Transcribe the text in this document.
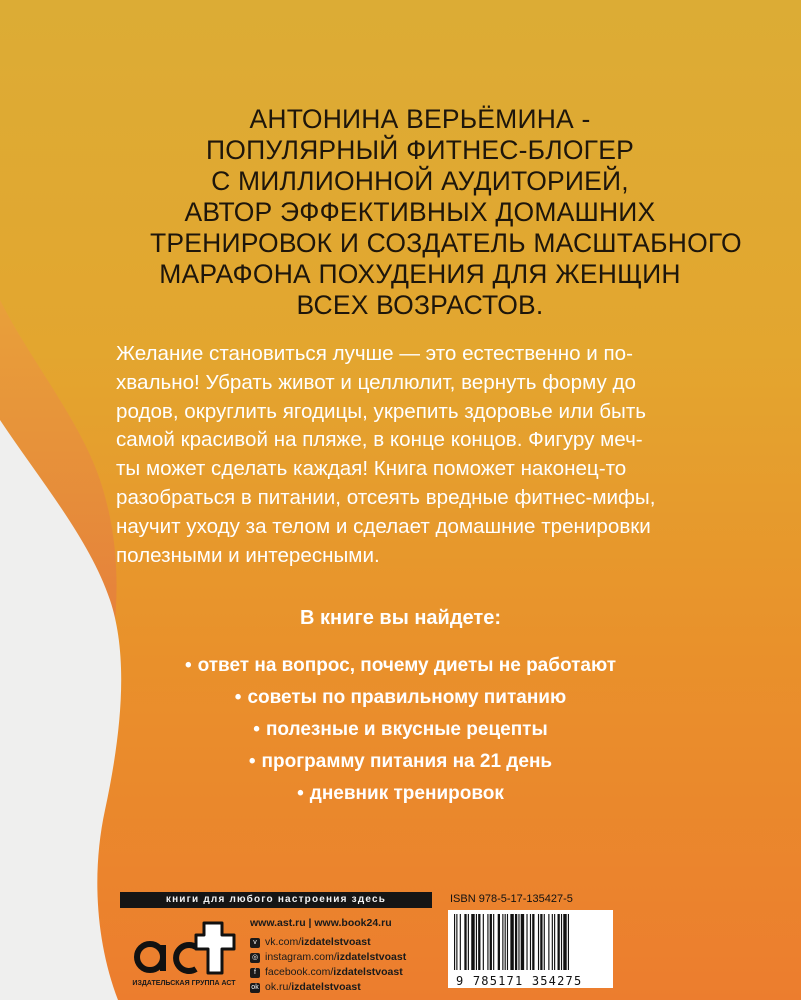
АНТОНИНА ВЕРЬЁМИНА -
ПОПУЛЯРНЫЙ ФИТНЕС-БЛОГЕР
С МИЛЛИОННОЙ АУДИТОРИЕЙ,
АВТОР ЭФФЕКТИВНЫХ ДОМАШНИХ
ТРЕНИРОВОК И СОЗДАТЕЛЬ МАСШТАБНОГО
МАРАФОНА ПОХУДЕНИЯ ДЛЯ ЖЕНЩИН
ВСЕХ ВОЗРАСТОВ.
Желание становиться лучше — это естественно и по-
хвально! Убрать живот и целлюлит, вернуть форму до
родов, округлить ягодицы, укрепить здоровье или быть
самой красивой на пляже, в конце концов. Фигуру меч-
ты может сделать каждая! Книга поможет наконец-то
разобраться в питании, отсеять вредные фитнес-мифы,
научит уходу за телом и сделает домашние тренировки
полезными и интересными.
В книге вы найдете:
• ответ на вопрос, почему диеты не работают
• советы по правильному питанию
• полезные и вкусные рецепты
• программу питания на 21 день
• дневник тренировок
книги для любого настроения здесь
ИЗДАТЕЛЬСКАЯ ГРУППА АСТ
www.ast.ru | www.book24.ru
v vk.com/ izdatelstvoast
◎ instagram.com/ izdatelstvoast
f facebook.com/ izdatelstvoast
ok ok.ru/ izdatelstvoast
ISBN 978-5-17-135427-5
9 785171 354275
